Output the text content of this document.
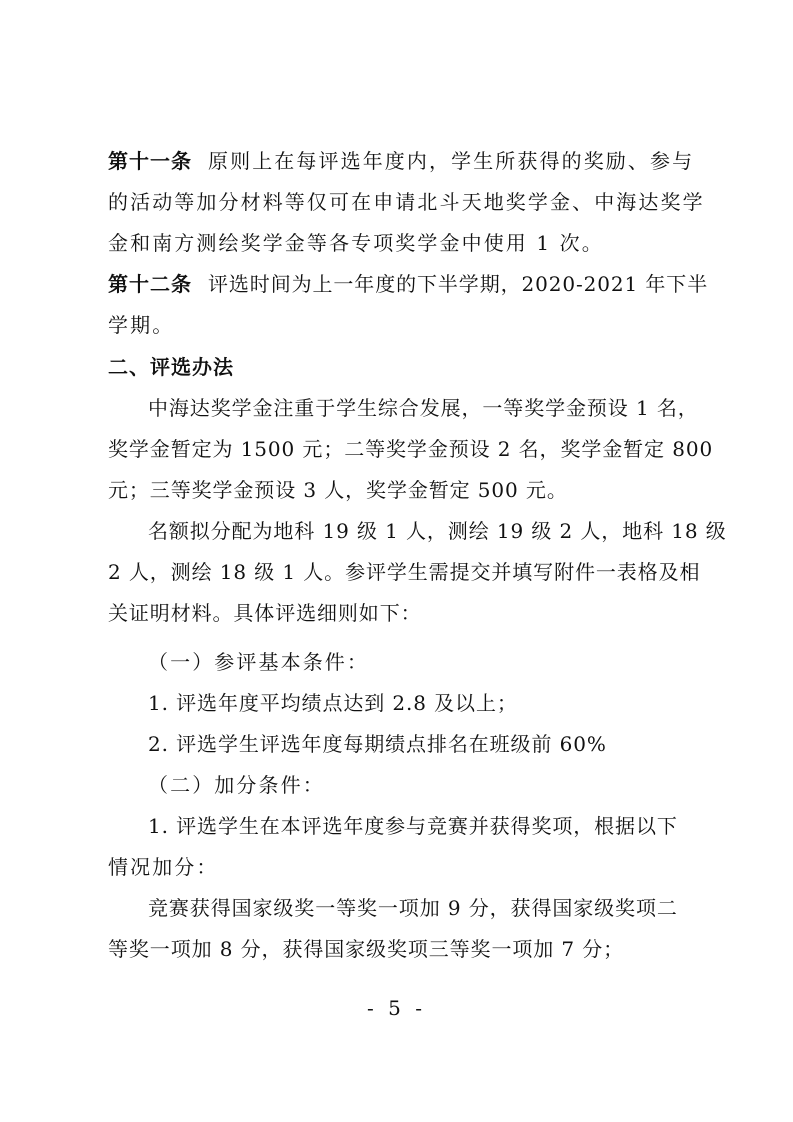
第十一条 原则上在每评选年度内，学生所获得的奖励、参与
的活动等加分材料等仅可在申请北斗天地奖学金、中海达奖学
金和南方测绘奖学金等各专项奖学金中使用 1 次。
第十二条 评选时间为上一年度的下半学期，2020-2021 年下半
学期。
二、评选办法
中海达奖学金注重于学生综合发展，一等奖学金预设 1 名，
奖学金暂定为 1500 元；二等奖学金预设 2 名，奖学金暂定 800
元；三等奖学金预设 3 人，奖学金暂定 500 元。
名额拟分配为地科 19 级 1 人，测绘 19 级 2 人，地科 18 级
2 人，测绘 18 级 1 人。参评学生需提交并填写附件一表格及相
关证明材料。具体评选细则如下：
（一）参评基本条件：
1. 评选年度平均绩点达到 2.8 及以上；
2. 评选学生评选年度每期绩点排名在班级前 60%
（二）加分条件：
1. 评选学生在本评选年度参与竞赛并获得奖项，根据以下
情况加分：
竞赛获得国家级奖一等奖一项加 9 分，获得国家级奖项二
等奖一项加 8 分，获得国家级奖项三等奖一项加 7 分；
- 5 -
